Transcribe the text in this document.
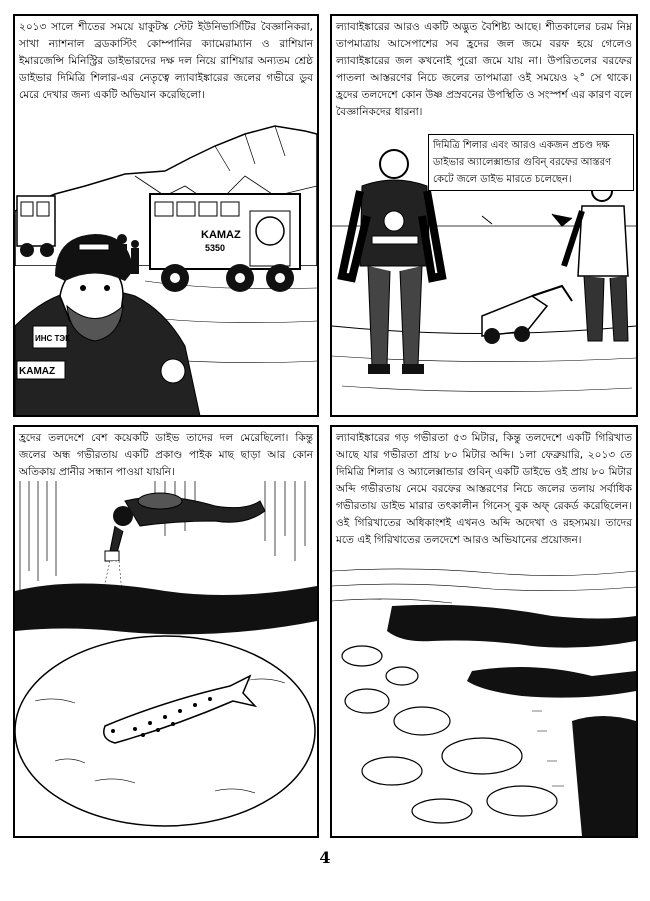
২০১৩ সালে শীতের সময়ে য়াকুটস্ক স্টেট ইউনিভার্সিটির বৈজ্ঞানিকরা, সাখা ন্যাশনাল ব্রডকাস্টিং কোম্পানির ক্যামেরাম্যান ও রাশিয়ান ইমারজেন্সি মিনিস্ট্রির ডাইভারদের দক্ষ দল নিয়ে রাশিয়ার অন্যতম শ্রেষ্ঠ ডাইভার দিমিত্রি শিলার-এর নেতৃত্বে ল্যাবাইঙ্কারের জলের গভীরে ডুব মেরে দেখার জন্য একটি অভিযান করেছিলো।

KAMAZ
5350
ИНС ТЭК
KAMAZ

ল্যাবাইঙ্কারের আরও একটি অদ্ভুত বৈশিষ্ট্য আছে। শীতকালের চরম নিম্ন তাপমাত্রায় আসেপাশের সব হ্রদের জল জমে বরফ হয়ে গেলেও ল্যাবাইঙ্কারের জল কখনোই পুরো জমে যায় না। উপরিতলের বরফের পাতলা আস্তরণের নিচে জলের তাপমাত্রা ওই সময়েও ২° সে থাকে। হ্রদের তলদেশে কোন উষ্ণ প্রস্রবনের উপস্থিতি ও সংস্পর্শ এর কারণ বলে বৈজ্ঞানিকদের ধারনা।

দিমিত্রি শিলার এবং আরও একজন প্রচণ্ড দক্ষ ডাইভার অ্যালেক্সান্ডার গুবিন্ বরফের আস্তরণ কেটে জলে ডাইভ মারতে চলেছেন।

হ্রদের তলদেশে বেশ কয়েকটি ডাইভ তাদের দল মেরেছিলো। কিন্তু জলের অন্ধ গভীরতায় একটি প্রকাণ্ড পাইক মাছ ছাড়া আর কোন অতিকায় প্রানীর সন্ধান পাওয়া যায়নি।

ল্যাবাইঙ্কারের গড় গভীরতা ৫৩ মিটার, কিন্তু তলদেশে একটি গিরিখাত আছে যার গভীরতা প্রায় ৮০ মিটার অব্দি। ১লা ফেব্রুয়ারি, ২০১৩ তে দিমিত্রি শিলার ও অ্যালেক্সান্ডার গুবিন্ একটি ডাইভে ওই প্রায় ৮০ মিটার অব্দি গভীরতায় নেমে বরফের আস্তরণের নিচে জলের তলায় সর্বাধিক গভীরতায় ডাইভ মারার তৎকালীন গিনেস্ বুক অফ্ রেকর্ড করেছিলেন। ওই গিরিখাতের অধিকাংশই এখনও অব্দি অদেখা ও রহস্যময়। তাদের মতে এই গিরিখাতের তলদেশে আরও অভিযানের প্রয়োজন।

4
